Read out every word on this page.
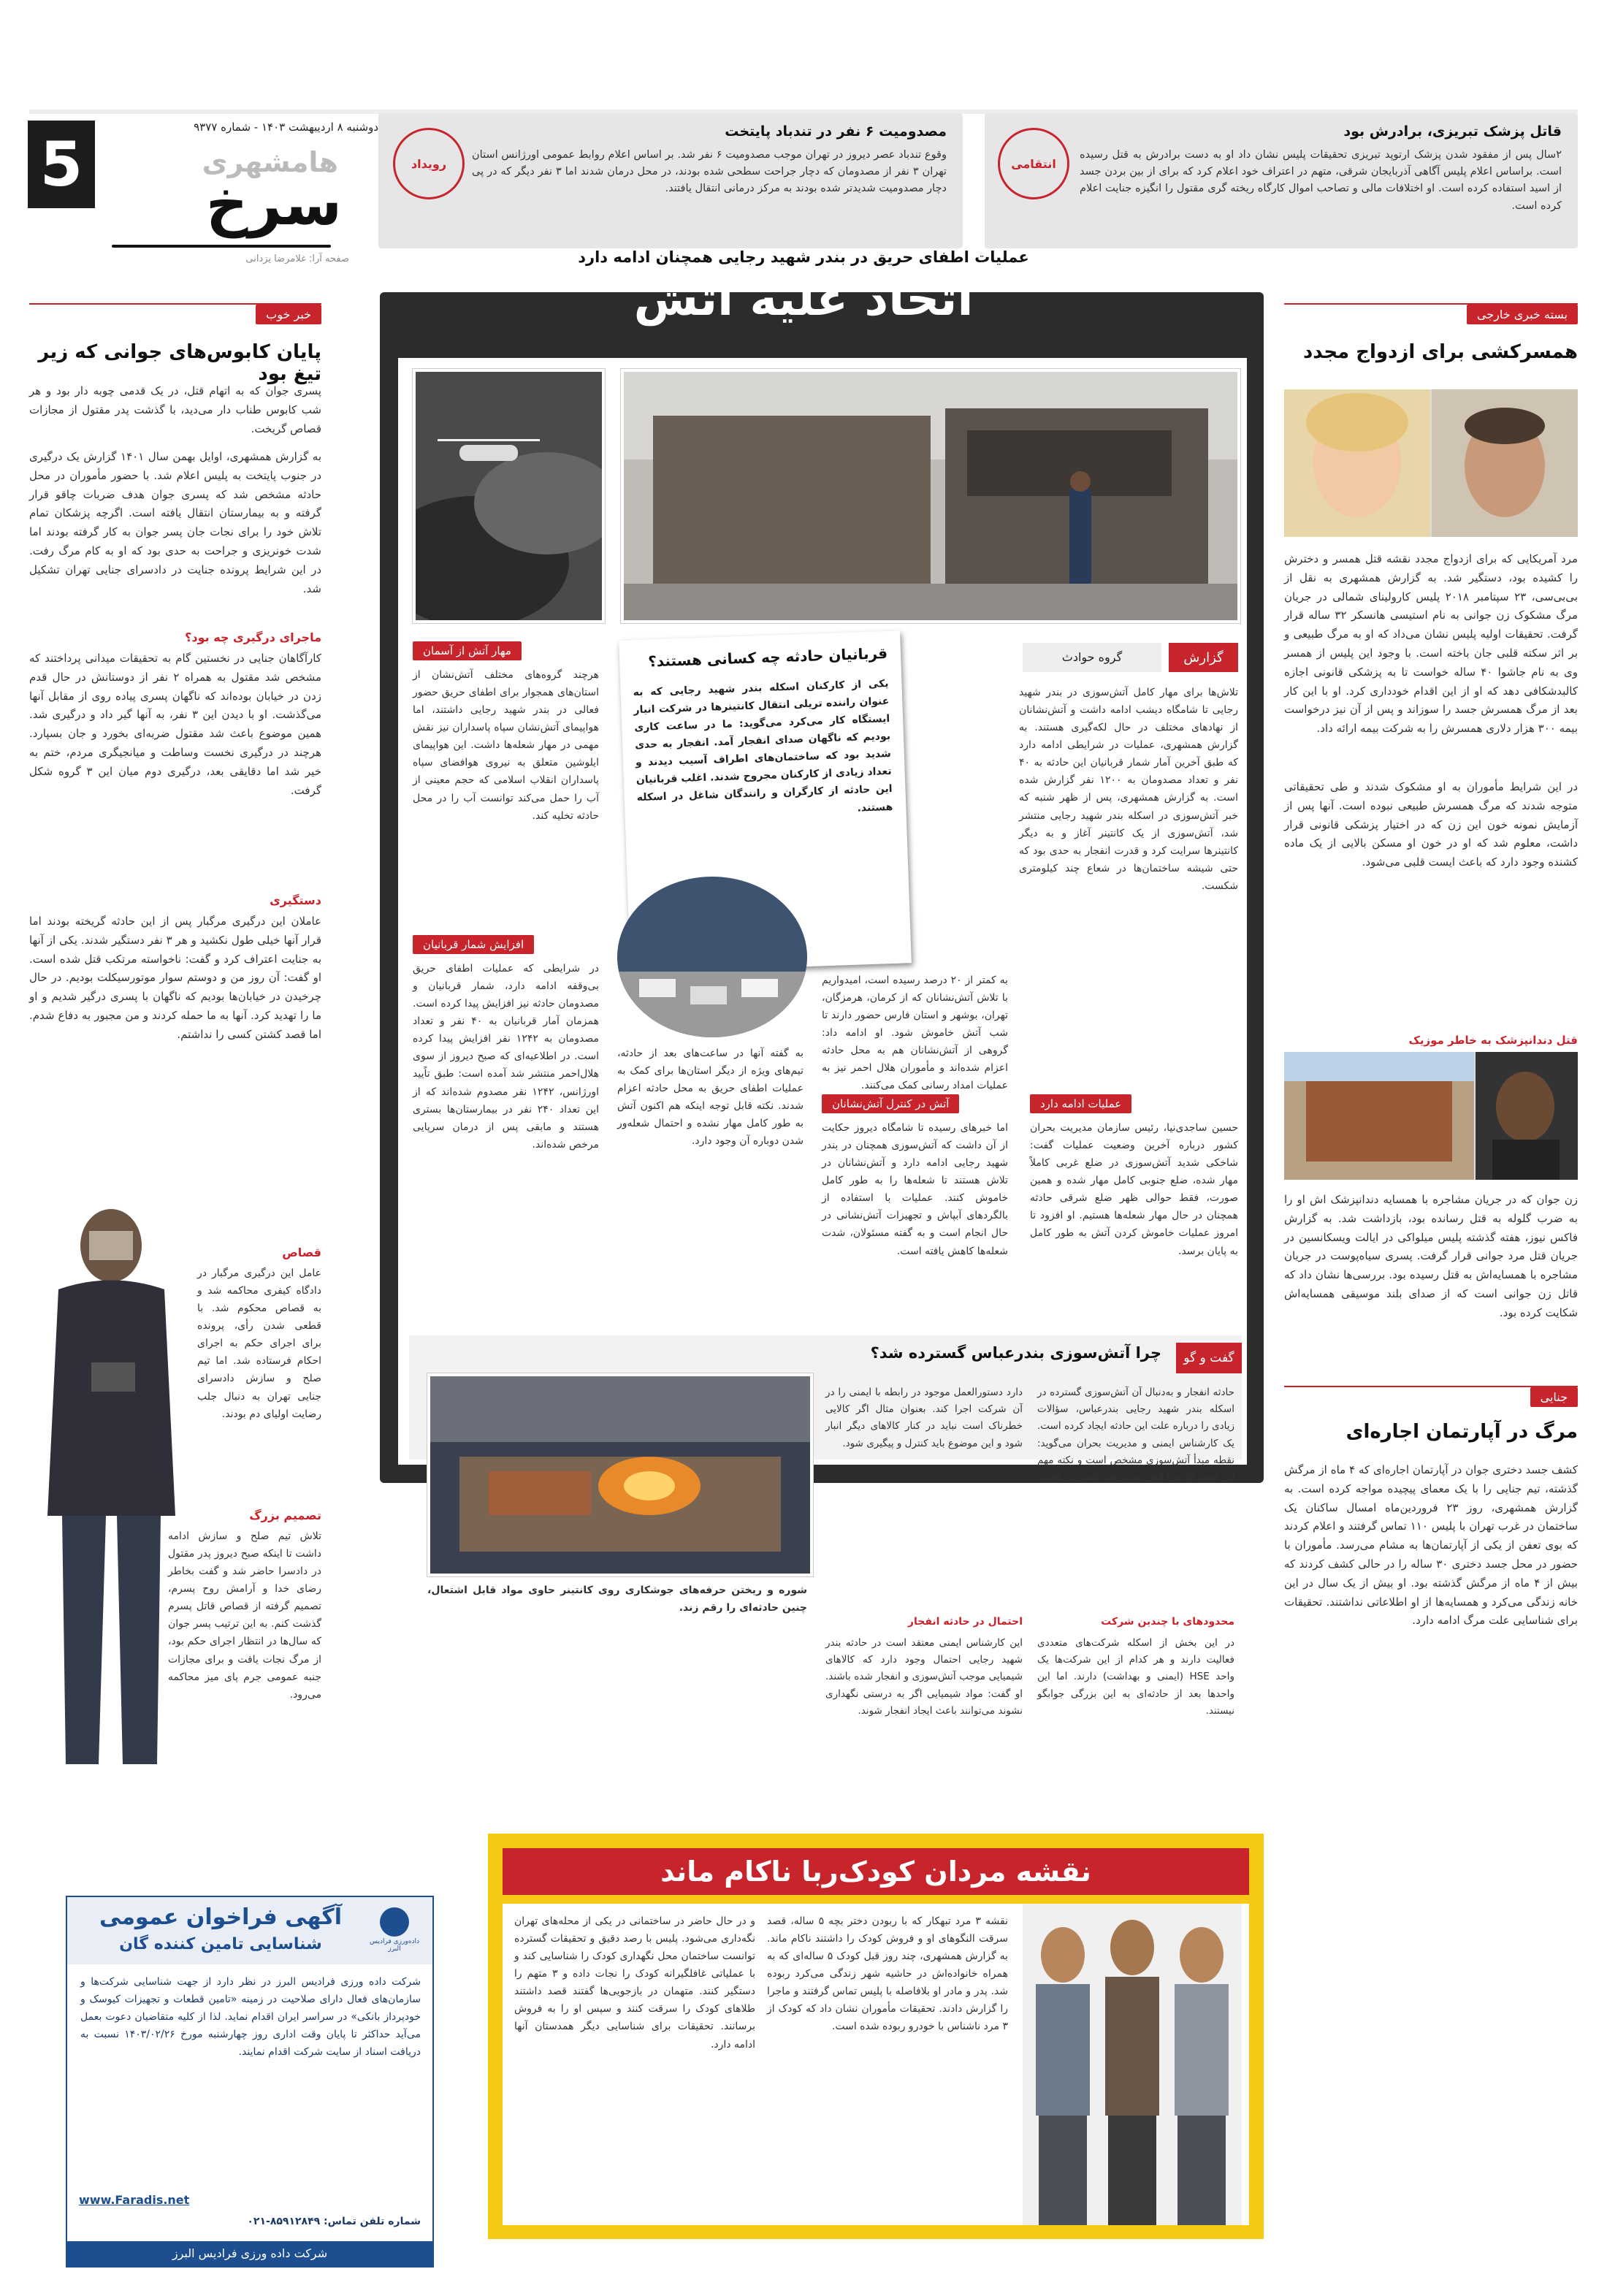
5
دوشنبه ۸ اردیبهشت ۱۴۰۳ - شماره ۹۳۷۷
هامشهری
سرخ
صفحه آرا: غلامرضا یزدانی
انتقامی
قاتل پزشک تبریزی، برادرش بود
۲سال پس از مفقود شدن پزشک ارتوپد تبریزی تحقیقات پلیس نشان داد او به دست برادرش به قتل رسیده است. براساس اعلام پلیس آگاهی آذربایجان شرقی، متهم در اعتراف خود اعلام کرد که برای از بین بردن جسد از اسید استفاده کرده است. او اختلافات مالی و تصاحب اموال کارگاه ریخته گری مقتول را انگیزه جنایت اعلام کرده است.
رویداد
مصدومیت ۶ نفر در تندباد پایتخت
وقوع تندباد عصر دیروز در تهران موجب مصدومیت ۶ نفر شد. بر اساس اعلام روابط عمومی اورژانس استان تهران ۳ نفر از مصدومان که دچار جراحت سطحی شده بودند، در محل درمان شدند اما ۳ نفر دیگر که در پی دچار مصدومیت شدیدتر شده بودند به مرکز درمانی انتقال یافتند.
خبر خوب
پایان کابوس‌های جوانی که زیر تیغ بود
پسری جوان که به اتهام قتل، در یک قدمی چوبه دار بود و هر شب کابوس طناب دار می‌دید، با گذشت پدر مقتول از مجازات قصاص گریخت.
به گزارش همشهری، اوایل بهمن سال ۱۴۰۱ گزارش یک درگیری در جنوب پایتخت به پلیس اعلام شد. با حضور مأموران در محل حادثه مشخص شد که پسری جوان هدف ضربات چاقو قرار گرفته و به بیمارستان انتقال یافته است. اگرچه پزشکان تمام تلاش خود را برای نجات جان پسر جوان به کار گرفته بودند اما شدت خونریزی و جراحت به حدی بود که او به کام مرگ رفت. در این شرایط پرونده جنایت در دادسرای جنایی تهران تشکیل شد.
ماجرای درگیری چه بود؟
کارآگاهان جنایی در نخستین گام به تحقیقات میدانی پرداختند که مشخص شد مقتول به همراه ۲ نفر از دوستانش در حال قدم زدن در خیابان بوده‌اند که ناگهان پسری پیاده روی از مقابل آنها می‌گذشت. او با دیدن این ۳ نفر، به آنها گیر داد و درگیری شد. همین موضوع باعث شد مقتول ضربه‌ای بخورد و جان بسپارد. هرچند در درگیری نخست وساطت و میانجیگری مردم، ختم به خیر شد اما دقایقی بعد، درگیری دوم میان این ۳ گروه شکل گرفت.
دستگیری
عاملان این درگیری مرگبار پس از این حادثه گریخته بودند اما قرار آنها خیلی طول نکشید و هر ۳ نفر دستگیر شدند. یکی از آنها به جنایت اعتراف کرد و گفت: ناخواسته مرتکب قتل شده است. او گفت: آن روز من و دوستم سوار موتورسیکلت بودیم. در حال چرخیدن در خیابان‌ها بودیم که ناگهان با پسری درگیر شدیم و او ما را تهدید کرد. آنها به ما حمله کردند و من مجبور به دفاع شدم. اما قصد کشتن کسی را نداشتم.
قصاص
عامل این درگیری مرگبار در دادگاه کیفری محاکمه شد و به قصاص محکوم شد. با قطعی شدن رأی، پرونده برای اجرای حکم به اجرای احکام فرستاده شد. اما تیم صلح و سازش دادسرای جنایی تهران به دنبال جلب رضایت اولیای دم بودند.
تصمیم بزرگ
تلاش تیم صلح و سازش ادامه داشت تا اینکه صبح دیروز پدر مقتول در دادسرا حاضر شد و گفت بخاطر رضای خدا و آرامش روح پسرم، تصمیم گرفته از قصاص قاتل پسرم گذشت کنم. به این ترتیب پسر جوان که سال‌ها در انتظار اجرای حکم بود، از مرگ نجات یافت و برای مجازات جنبه عمومی جرم پای میز محاکمه می‌رود.
بسته خبری خارجی
همسرکشی برای ازدواج مجدد
مرد آمریکایی که برای ازدواج مجدد نقشه قتل همسر و دخترش را کشیده بود، دستگیر شد. به گزارش همشهری به نقل از بی‌بی‌سی، ۲۳ سپتامبر ۲۰۱۸ پلیس کارولینای شمالی در جریان مرگ مشکوک زن جوانی به نام استیسی هانسکر ۳۲ ساله قرار گرفت. تحقیقات اولیه پلیس نشان می‌داد که او به مرگ طبیعی و بر اثر سکته قلبی جان باخته است. با وجود این پلیس از همسر وی به نام جاشوا ۴۰ ساله خواست تا به پزشکی قانونی اجازه کالبدشکافی دهد که او از این اقدام خودداری کرد. او با این کار بعد از مرگ همسرش جسد را سوزاند و پس از آن نیز درخواست بیمه ۳۰۰ هزار دلاری همسرش را به شرکت بیمه ارائه داد.
در این شرایط مأموران به او مشکوک شدند و طی تحقیقاتی متوجه شدند که مرگ همسرش طبیعی نبوده است. آنها پس از آزمایش نمونه خون این زن که در اختیار پزشکی قانونی قرار داشت، معلوم شد که او در خون او مسکن بالایی از یک ماده کشنده وجود دارد که باعث ایست قلبی می‌شود.
قتل دندانپزشک به خاطر موزیک
زن جوان که در جریان مشاجره با همسایه دندانپزشک اش او را به ضرب گلوله به قتل رسانده بود، بازداشت شد. به گزارش فاکس نیوز، هفته گذشته پلیس میلواکی در ایالت ویسکانسین در جریان قتل مرد جوانی قرار گرفت. پسری سیاه‌پوست در جریان مشاجره با همسایه‌اش به قتل رسیده بود. بررسی‌ها نشان داد که قاتل زن جوانی است که از صدای بلند موسیقی همسایه‌اش شکایت کرده بود.
جنایی
مرگ در آپارتمان اجاره‌ای
کشف جسد دختری جوان در آپارتمان اجاره‌ای که ۴ ماه از مرگش گذشته، تیم جنایی را با یک معمای پیچیده مواجه کرده است. به گزارش همشهری، روز ۲۳ فروردین‌ماه امسال ساکنان یک ساختمان در غرب تهران با پلیس ۱۱۰ تماس گرفتند و اعلام کردند که بوی تعفن از یکی از آپارتمان‌ها به مشام می‌رسد. مأموران با حضور در محل جسد دختری ۳۰ ساله را در حالی کشف کردند که بیش از ۴ ماه از مرگش گذشته بود. او بیش از یک سال در این خانه زندگی می‌کرد و همسایه‌ها از او اطلاعاتی نداشتند. تحقیقات برای شناسایی علت مرگ ادامه دارد.
عملیات اطفای حریق در بندر شهید رجایی همچنان ادامه دارد
اتحاد علیه آتش
مهار آتش از آسمان
هرچند گروه‌های مختلف آتش‌نشان از استان‌های همجوار برای اطفای حریق حضور فعالی در بندر شهید رجایی داشتند، اما هواپیمای آتش‌نشان سپاه پاسداران نیز نقش مهمی در مهار شعله‌ها داشت. این هواپیمای ایلوشین متعلق به نیروی هوافضای سپاه پاسداران انقلاب اسلامی که حجم معینی از آب را حمل می‌کند توانست آب را در محل حادثه تخلیه کند.
افزایش شمار قربانیان
در شرایطی که عملیات اطفای حریق بی‌وقفه ادامه دارد، شمار قربانیان و مصدومان حادثه نیز افزایش پیدا کرده است. همزمان آمار قربانیان به ۴۰ نفر و تعداد مصدومان به ۱۲۴۲ نفر افزایش پیدا کرده است. در اطلاعیه‌ای که صبح دیروز از سوی هلال‌احمر منتشر شد آمده است: طبق تاًیید اورژانس، ۱۲۴۲ نفر مصدوم شده‌اند که از این تعداد ۲۴۰ نفر در بیمارستان‌ها بستری هستند و مابقی پس از درمان سرپایی مرخص شده‌اند.
قربانیان حادثه چه کسانی هستند؟
یکی از کارکنان اسکله بندر شهید رجایی که به عنوان راننده تریلی انتقال کانتینرها در شرکت انبار ایستگاه کار می‌کرد می‌گوید: ما در ساعت کاری بودیم که ناگهان صدای انفجار آمد. انفجار به حدی شدید بود که ساختمان‌های اطراف آسیب دیدند و تعداد زیادی از کارکنان مجروح شدند. اغلب قربانیان این حادثه از کارگران و رانندگان شاغل در اسکله هستند.
گزارش
گروه حوادث
تلاش‌ها برای مهار کامل آتش‌سوزی در بندر شهید رجایی تا شامگاه دیشب ادامه داشت و آتش‌نشانان از نهادهای مختلف در حال لکه‌گیری هستند. به گزارش همشهری، عملیات در شرایطی ادامه دارد که طبق آخرین آمار شمار قربانیان این حادثه به ۴۰ نفر و تعداد مصدومان به ۱۲۰۰ نفر گزارش شده است. به گزارش همشهری، پس از ظهر شنبه که خبر آتش‌سوزی در اسکله بندر شهید رجایی منتشر شد، آتش‌سوزی از یک کانتینر آغاز و به دیگر کانتینرها سرایت کرد و قدرت انفجار به حدی بود که حتی شیشه ساختمان‌ها در شعاع چند کیلومتری شکست.
به گفته آنها در ساعت‌های بعد از حادثه، تیم‌های ویژه از دیگر استان‌ها برای کمک به عملیات اطفای حریق به محل حادثه اعزام شدند. نکته قابل توجه اینکه هم اکنون آتش به طور کامل مهار نشده و احتمال شعله‌ور شدن دوباره آن وجود دارد.
به کمتر از ۲۰ درصد رسیده است، امیدواریم با تلاش آتش‌نشانان که از کرمان، هرمزگان، تهران، بوشهر و استان فارس حضور دارند تا شب آتش خاموش شود. او ادامه داد: گروهی از آتش‌نشانان هم به محل حادثه اعزام شده‌اند و مأموران هلال احمر نیز به عملیات امداد رسانی کمک می‌کنند.
آتش در کنترل آتش‌نشانان
اما خبرهای رسیده تا شامگاه دیروز حکایت از آن داشت که آتش‌سوزی همچنان در بندر شهید رجایی ادامه دارد و آتش‌نشانان در تلاش هستند تا شعله‌ها را به طور کامل خاموش کنند. عملیات با استفاده از بالگردهای آبپاش و تجهیزات آتش‌نشانی در حال انجام است و به گفته مسئولان، شدت شعله‌ها کاهش یافته است.
عملیات ادامه دارد
حسین ساجدی‌نیا، رئیس سازمان مدیریت بحران کشور درباره آخرین وضعیت عملیات گفت: شاخکی شدید آتش‌سوزی در ضلع غربی کاملاً مهار شده، ضلع جنوبی کامل مهار شده و همین صورت، فقط حوالی ظهر ضلع شرقی حادثه همچنان در حال مهار شعله‌ها هستیم. او افزود تا امروز عملیات خاموش کردن آتش به طور کامل به پایان برسد.
گفت و گو
چرا آتش‌سوزی بندرعباس گسترده شد؟
حادثه انفجار و به‌دنبال آن آتش‌سوزی گسترده در اسکله بندر شهید رجایی بندرعباس، سؤالات زیادی را درباره علت این حادثه ایجاد کرده است. یک کارشناس ایمنی و مدیریت بحران می‌گوید: نقطه مبدأ آتش‌سوزی مشخص است و نکته مهم این است که چرا آتش به سرعت گسترش یافت.
محدودهای با چندین شرکت
در این بخش از اسکله شرکت‌های متعددی فعالیت دارند و هر کدام از این شرکت‌ها یک واحد HSE (ایمنی و بهداشت) دارند. اما این واحدها بعد از حادثه‌ای به این بزرگی جوابگو نیستند.
دارد دستورالعمل موجود در رابطه با ایمنی را در آن شرکت اجرا کند. بعنوان مثال اگر کالایی خطرناک است نباید در کنار کالاهای دیگر انبار شود و این موضوع باید کنترل و پیگیری شود.
احتمال در حادثه انفجار
این کارشناس ایمنی معتقد است در حادثه بندر شهید رجایی احتمال وجود دارد که کالاهای شیمیایی موجب آتش‌سوزی و انفجار شده باشند. او گفت: مواد شیمیایی اگر به درستی نگهداری نشوند می‌توانند باعث ایجاد انفجار شوند.
شوره و ریختن حرفه‌های جوشکاری روی کانتینر حاوی مواد قابل اشتعال، چنین حادثه‌ای را رقم زند.
داده‌ورزی فرادیس البرز
آگهی فراخوان عمومی
شناسایی تامین کننده گان
شرکت داده ورزی فرادیس البرز در نظر دارد از جهت شناسایی شرکت‌ها و سازمان‌های فعال دارای صلاحیت در زمینه «تامین قطعات و تجهیزات کیوسک و خودپرداز بانکی» در سراسر ایران اقدام نماید. لذا از کلیه متقاضیان دعوت بعمل می‌آید حداکثر تا پایان وقت اداری روز چهارشنبه مورخ ۱۴۰۳/۰۲/۲۶ نسبت به دریافت اسناد از سایت شرکت اقدام نمایند.
www.Faradis.net
شماره تلفن تماس: ۸۵۹۱۲۸۴۹-۰۲۱
شرکت داده ورزی فرادیس البرز
نقشه مردان کودک‌ربا ناکام ماند
نقشه ۳ مرد تبهکار که با ربودن دختر بچه ۵ ساله، قصد سرقت النگوهای او و فروش کودک را داشتند ناکام ماند. به گزارش همشهری، چند روز قبل کودک ۵ ساله‌ای که به همراه خانواده‌اش در حاشیه شهر زندگی می‌کرد ربوده شد. پدر و مادر او بلافاصله با پلیس تماس گرفتند و ماجرا را گزارش دادند. تحقیقات مأموران نشان داد که کودک از ۳ مرد ناشناس با خودرو ربوده شده است.
و در حال حاضر در ساختمانی در یکی از محله‌های تهران نگه‌داری می‌شود. پلیس با رصد دقیق و تحقیقات گسترده توانست ساختمان محل نگهداری کودک را شناسایی کند و با عملیاتی غافلگیرانه کودک را نجات داده و ۳ متهم را دستگیر کنند. متهمان در بازجویی‌ها گفتند قصد داشتند طلاهای کودک را سرقت کنند و سپس او را به فروش برسانند. تحقیقات برای شناسایی دیگر همدستان آنها ادامه دارد.
